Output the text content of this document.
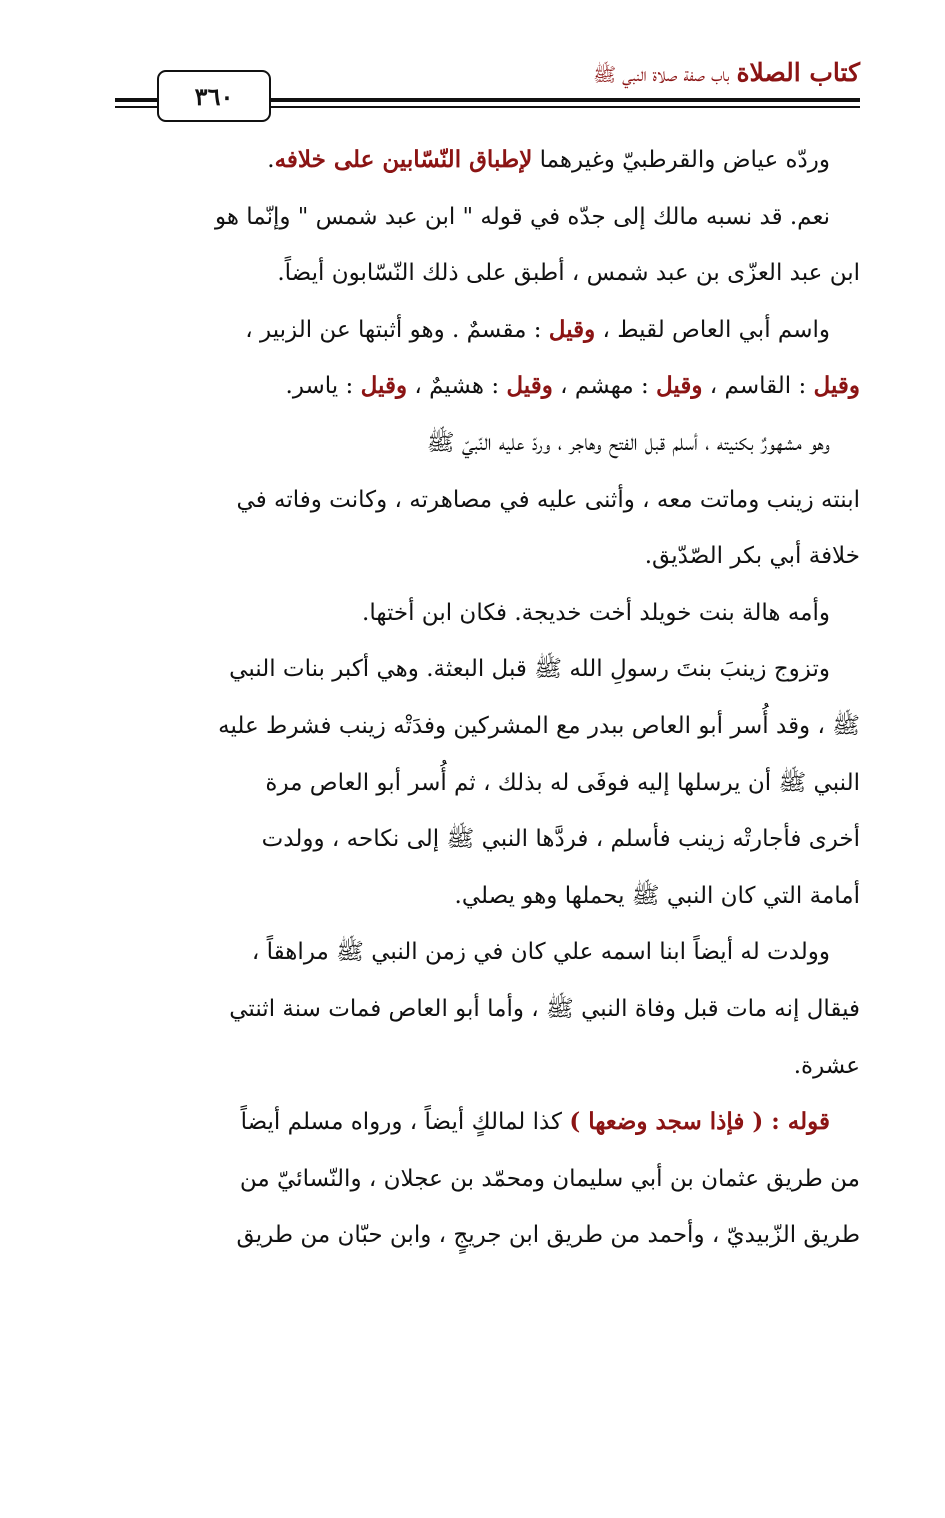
كتاب الصلاة باب صفة صلاة النبي ﷺ
٣٦٠
وردّه عياض والقرطبيّ وغيرهما لإطباق النّسّابين على خلافه.
نعم. قد نسبه مالك إلى جدّه في قوله " ابن عبد شمس " وإنّما هو
ابن عبد العزّى بن عبد شمس ، أطبق على ذلك النّسّابون أيضاً.
واسم أبي العاص لقيط ، وقيل : مقسمٌ . وهو أثبتها عن الزبير ،
وقيل : القاسم ، وقيل : مهشم ، وقيل : هشيمٌ ، وقيل : ياسر.
وهو مشهورٌ بكنيته ، أسلم قبل الفتح وهاجر ، وردّ عليه النّبيّ ﷺ
ابنته زينب وماتت معه ، وأثنى عليه في مصاهرته ، وكانت وفاته في
خلافة أبي بكر الصّدّيق.
وأمه هالة بنت خويلد أخت خديجة. فكان ابن أختها.
وتزوج زينبَ بنتَ رسولِ الله ﷺ قبل البعثة. وهي أكبر بنات النبي
ﷺ ، وقد أُسر أبو العاص ببدر مع المشركين وفدَتْه زينب فشرط عليه
النبي ﷺ أن يرسلها إليه فوفَى له بذلك ، ثم أُسر أبو العاص مرة
أخرى فأجارتْه زينب فأسلم ، فردَّها النبي ﷺ إلى نكاحه ، وولدت
أمامة التي كان النبي ﷺ يحملها وهو يصلي.
وولدت له أيضاً ابنا اسمه علي كان في زمن النبي ﷺ مراهقاً ،
فيقال إنه مات قبل وفاة النبي ﷺ ، وأما أبو العاص فمات سنة اثنتي
عشرة.
قوله : ( فإذا سجد وضعها ) كذا لمالكٍ أيضاً ، ورواه مسلم أيضاً
من طريق عثمان بن أبي سليمان ومحمّد بن عجلان ، والنّسائيّ من
طريق الزّبيديّ ، وأحمد من طريق ابن جريجٍ ، وابن حبّان من طريق
